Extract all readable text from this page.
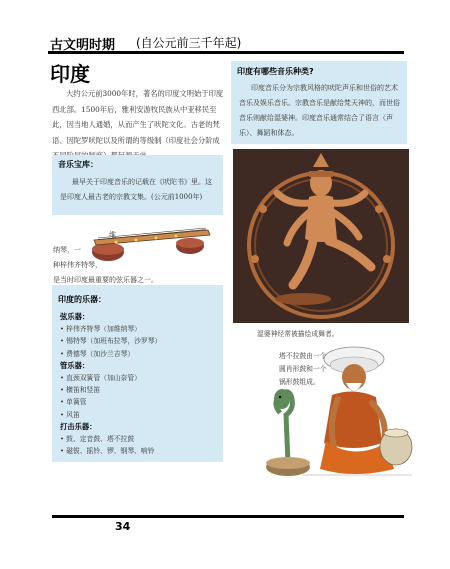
古文明时期 (自公元前三千年起)
印度

大约公元前3000年时，著名的印度文明始于印度西北部。1500年后，雅利安游牧民族从中亚移民至此，因当地人通婚，从而产生了吠陀文化。古老的梵语、因陀罗吠陀以及所谓的等级制（印度社会分阶成

印度有哪些音乐种类?

印度音乐分为宗教风格的吠陀声乐和世俗的艺术音乐及娱乐音乐。宗教音乐是献给梵天神的，而世俗音乐则献给湿婆神。印度音乐通常结合了语言（声乐）、舞蹈和体态。

音乐宝库：

最早关于印度音乐的记载在《吠陀书》里。这是印度人最古老的宗教文集。(公元前1000年)

维
纳琴，一
种梓伟齐特琴，
是当时印度最重要的弦乐器之一。
印度的乐器：
弦乐器：
• 梓伟齐特琴（加维纳琴）
• 锡特琴（加班布拉琴，沙罗琴）
• 费德琴（加沙兰吉琴）
管乐器：
• 直颈双簧管（加山奈管）
• 横笛和竖笛
• 单簧管
• 风笛
打击乐器：
• 鼓、定音鼓、塔不拉鼓
• 磁钹、摇铃、锣、钢琴、响铃
湿婆神经常被描绘成舞者。
塔不拉鼓由一个圆肖形鼓和一个锅形鼓组成。
34
